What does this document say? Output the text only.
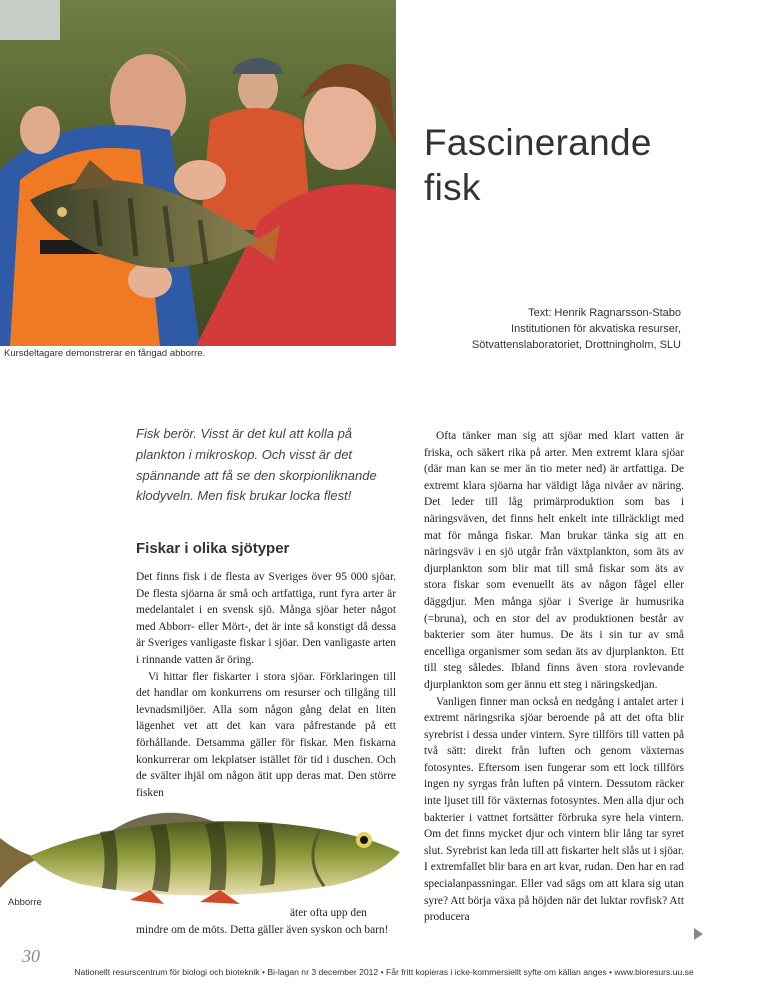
Kursdeltagare demonstrerar en fångad abborre.
Fascinerande
fisk
Text: Henrik Ragnarsson-Stabo
Institutionen för akvatiska resurser,
Sötvattenslaboratoriet, Drottningholm, SLU

Fisk berör. Visst är det kul att kolla på plankton i mikroskop. Och visst är det spännande att få se den skorpionliknande klodyveln. Men fisk brukar locka flest!

Fiskar i olika sjötyper

Det finns fisk i de flesta av Sveriges över 95 000 sjöar. De flesta sjöarna är små och artfattiga, runt fyra arter är medelantalet i en svensk sjö. Många sjöar heter något med Abborr- eller Mört-, det är inte så konstigt då dessa är Sveriges vanligaste fiskar i sjöar. Den vanligaste arten i rinnande vatten är öring.

Vi hittar fler fiskarter i stora sjöar. Förklaringen till det handlar om konkurrens om resurser och tillgång till levnadsmiljöer. Alla som någon gång delat en liten lägenhet vet att det kan vara påfrestande på ett förhållande. Detsamma gäller för fiskar. Men fiskarna konkurrerar om lekplatser istället för tid i duschen. Och de svälter ihjäl om någon ätit upp deras mat. Den större fisken

Abborre
äter ofta upp den
mindre om de möts. Detta gäller även syskon och barn!

Ofta tänker man sig att sjöar med klart vatten är friska, och säkert rika på arter. Men extremt klara sjöar (där man kan se mer än tio meter ned) är artfattiga. De extremt klara sjöarna har väldigt låga nivåer av näring. Det leder till låg primärproduktion som bas i näringsväven, det finns helt enkelt inte tillräckligt med mat för många fiskar. Man brukar tänka sig att en näringsväv i en sjö utgår från växtplankton, som äts av djurplankton som blir mat till små fiskar som äts av stora fiskar som evenuellt äts av någon fågel eller däggdjur. Men många sjöar i Sverige är humusrika (=bruna), och en stor del av produktionen består av bakterier som äter humus. De äts i sin tur av små encelliga organismer som sedan äts av djurplankton. Ett till steg således. Ibland finns även stora rovlevande djurplankton som ger ännu ett steg i näringskedjan.

Vanligen finner man också en nedgång i antalet arter i extremt näringsrika sjöar beroende på att det ofta blir syrebrist i dessa under vintern. Syre tillförs till vatten på två sätt: direkt från luften och genom växternas fotosyntes. Eftersom isen fungerar som ett lock tillförs ingen ny syrgas från luften på vintern. Dessutom räcker inte ljuset till för växternas fotosyntes. Men alla djur och bakterier i vattnet fortsätter förbruka syre hela vintern. Om det finns mycket djur och vintern blir lång tar syret slut. Syrebrist kan leda till att fiskarter helt slås ut i sjöar. I extremfallet blir bara en art kvar, rudan. Den har en rad specialanpassningar. Eller vad sägs om att klara sig utan syre? Att börja växa på höjden när det luktar rovfisk? Att producera

30
Nationellt resurscentrum för biologi och bioteknik • Bi-lagan nr 3 december 2012 • Får fritt kopieras i icke-kommersiellt syfte om källan anges • www.bioresurs.uu.se
